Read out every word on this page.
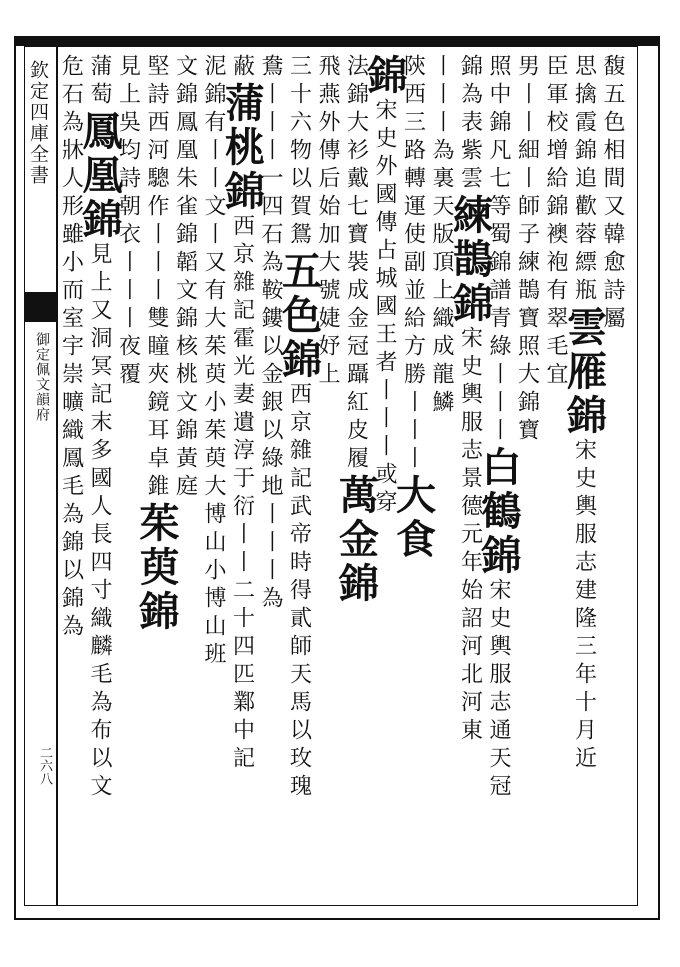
欽定四庫全書
御定佩文韻府
二六八
馥五色相間又韓愈詩屬
思擒霞錦追歡蓉縹瓶雲雁錦宋史輿服志建隆三年十月近
臣軍校增給錦襖袍有翠毛宜
男丨丨細丨師子練鵲寶照大錦寶
照中錦凡七等蜀錦譜青綠丨丨丨白鶴錦宋史輿服志通天冠
錦為表紫雲練鵲錦宋史輿服志景德元年始詔河北河東
丨丨丨為裏天版頂上織成龍鱗
陝西三路轉運使副並給方勝丨丨丨大食
錦宋史外國傳占城國王者丨丨丨或穿
法錦大衫戴七寶裝成金冠躡紅皮履萬金錦
飛燕外傳后始加大號婕妤上
三十六物以賀鴛五色錦西京雜記武帝時得貳師天馬以玫瑰
鴦丨丨丨一四石為鞍鏤以金銀以綠地丨丨丨為
蔽蒲桃錦西京雜記霍光妻遺淳于衍丨丨二十四匹鄴中記
泥錦有丨丨文丨又有大茱萸小茱萸大博山小博山班
文錦鳳凰朱雀錦韜文錦核桃文錦黃庭
堅詩西河驄作丨丨丨雙瞳夾鏡耳卓錐茱萸錦
見上吳均詩朝衣丨丨丨夜覆
蒲萄鳳凰錦見上又洞冥記末多國人長四寸織麟毛為布以文
危石為牀人形雖小而室宇崇曠織鳳毛為錦以錦為
